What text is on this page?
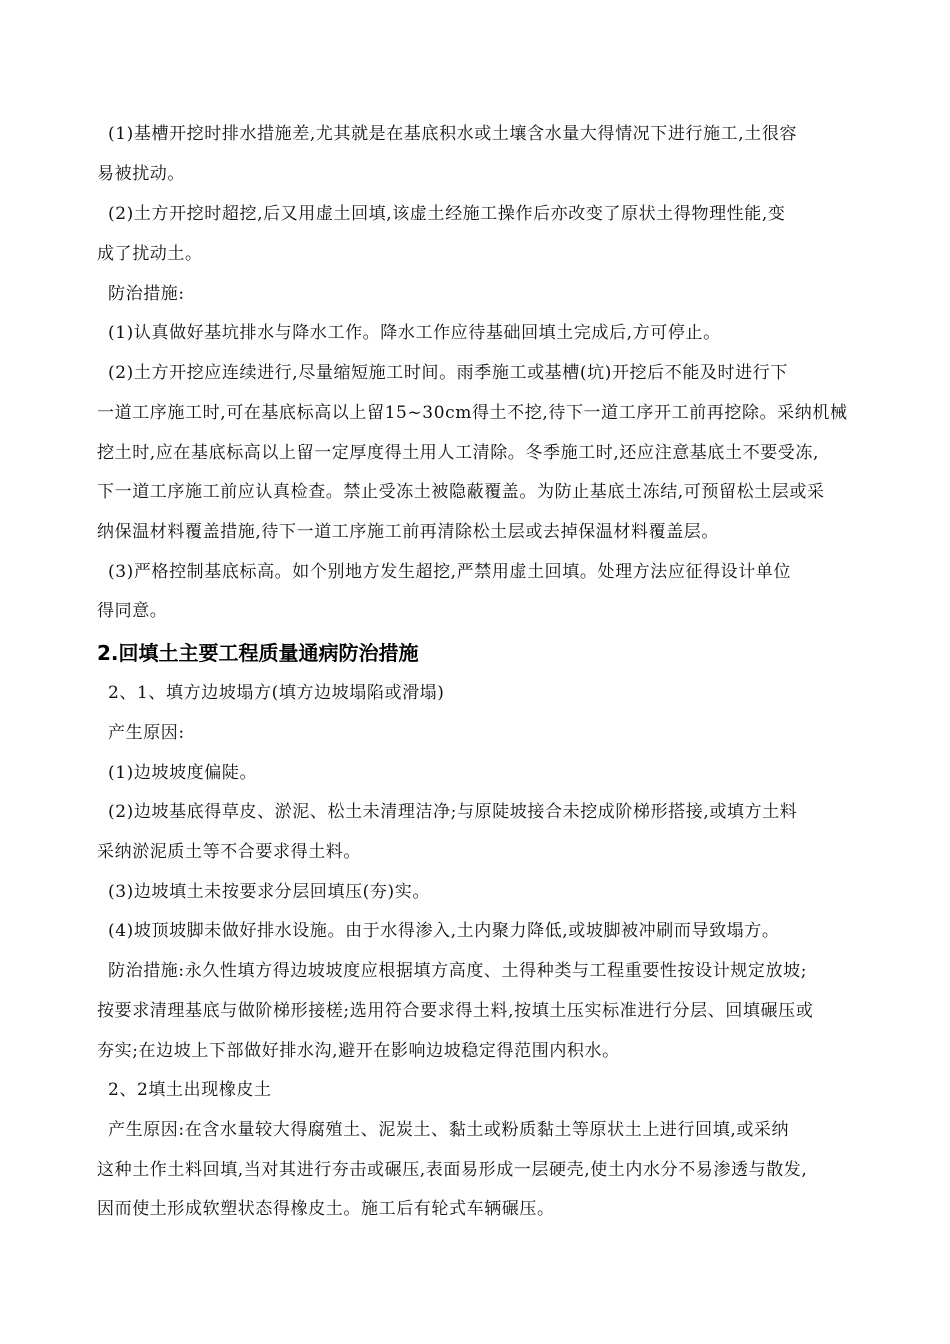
(1)基槽开挖时排水措施差,尤其就是在基底积水或土壤含水量大得情况下进行施工,土很容
易被扰动。
(2)土方开挖时超挖,后又用虚土回填,该虚土经施工操作后亦改变了原状土得物理性能,变
成了扰动土。
防治措施:
(1)认真做好基坑排水与降水工作。降水工作应待基础回填土完成后,方可停止。
(2)土方开挖应连续进行,尽量缩短施工时间。雨季施工或基槽(坑)开挖后不能及时进行下
一道工序施工时,可在基底标高以上留15~30cm得土不挖,待下一道工序开工前再挖除。采纳机械
挖土时,应在基底标高以上留一定厚度得土用人工清除。冬季施工时,还应注意基底土不要受冻,
下一道工序施工前应认真检查。禁止受冻土被隐蔽覆盖。为防止基底土冻结,可预留松土层或采
纳保温材料覆盖措施,待下一道工序施工前再清除松土层或去掉保温材料覆盖层。
(3)严格控制基底标高。如个别地方发生超挖,严禁用虚土回填。处理方法应征得设计单位
得同意。
2.回填土主要工程质量通病防治措施
2、1、填方边坡塌方(填方边坡塌陷或滑塌)
产生原因:
(1)边坡坡度偏陡。
(2)边坡基底得草皮、淤泥、松土未清理洁净;与原陡坡接合未挖成阶梯形搭接,或填方土料
采纳淤泥质土等不合要求得土料。
(3)边坡填土未按要求分层回填压(夯)实。
(4)坡顶坡脚未做好排水设施。由于水得渗入,土内聚力降低,或坡脚被冲刷而导致塌方。
防治措施:永久性填方得边坡坡度应根据填方高度、土得种类与工程重要性按设计规定放坡;
按要求清理基底与做阶梯形接槎;选用符合要求得土料,按填土压实标准进行分层、回填碾压或
夯实;在边坡上下部做好排水沟,避开在影响边坡稳定得范围内积水。
2、2填土出现橡皮土
产生原因:在含水量较大得腐殖土、泥炭土、黏土或粉质黏土等原状土上进行回填,或采纳
这种土作土料回填,当对其进行夯击或碾压,表面易形成一层硬壳,使土内水分不易渗透与散发,
因而使土形成软塑状态得橡皮土。施工后有轮式车辆碾压。
